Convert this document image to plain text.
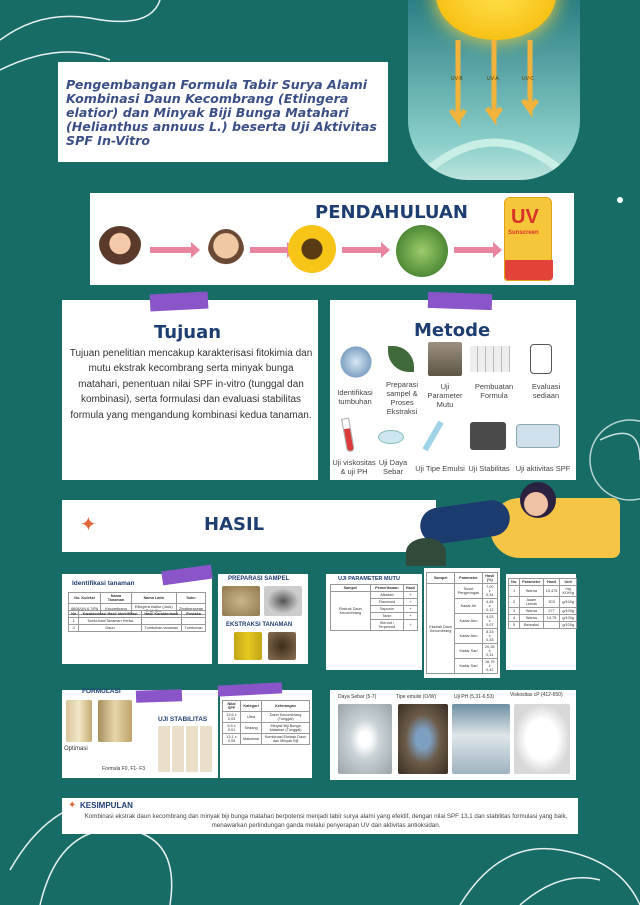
Pengembangan Formula Tabir Surya Alami Kombinasi Daun Kecombrang (Etlingera elatior) dan Minyak Biji Bunga Matahari (Helianthus annuus L.) beserta Uji Aktivitas SPF In-Vitro
UV-B	UV-A	UV-C
PENDAHULUAN UV
Sunscreen
Tujuan
Tujuan penelitian mencakup karakterisasi fitokimia dan mutu ekstrak kecombrang serta minyak bunga matahari, penentuan nilai SPF in-vitro (tunggal dan kombinasi), serta formulasi dan evaluasi stabilitas formula yang mengandung kombinasi kedua tanaman.
Metode
Identifikasi tumbuhan
Preparasi sampel & Proses Ekstraksi
Uji Parameter Mutu
Pembuatan Formula
Evaluasi sediaan
Uji viskositas & uji PH
Uji Daya Sebar	Uji Tipe Emulsi Uji Stabilitas Uji aktivitas SPF
✦	HASIL
Identifikasi tanaman
No. Koleksi	Nama Tanaman	Nama Latin	Suku
8608/UN.6.7/PA	Kecombrang	Etlingera elatior (Jack) R.M. Sm.	Zingiberaceae
No	Karakterisasi Hasil Identifikasi	Hasil Karakterisasi	Pustaka
1	Tumbuhan/Tanaman Herba		
2	Daun	Tumbuhan tanaman	Tumbuhan
PREPARASI SAMPEL
EKSTRAKSI TANAMAN
UJI PARAMETER MUTU
Sampel	Pemeriksaan	Hasil
Ekstrak Daun Kecombrang	Alkaloid	+
	Flavonoid	+
	Saponin	+
	Tanin	+
	Steroid / Terpenoid	+
Sampel	Parameter	Hasil (%)
Ekstrak Daun Kecombrang	Susut Pengeringan	7,00 ± 0,34
	Kadar Air	4,45 ± 0,12
	Kadar Abu	4,03 ± 0,07
	Kadar Abu	8,33 ± 0,33
	Kadar Sari	20,25 ± 0,31
	Kadar Sari	16,79 ± 0,42
No.	Parameter	Hasil	Unit
1	Warna	10,475	mg KOH/g
2	Asam Lemak	303	g/100g
3	Warna	277	g/100g
4	Warna	14,75	g/100g
5	Bereaksi		g/100g
FORMULASI
Optimasi
Formula F0, F1- F3
UJI STABILITAS
Nilai SPF	Kategori	Keterangan
13,6 ± 0,03	Ultra	Daun Kecombrang (Tunggal)
5,5 ± 0,01	Sedang	Minyak Biji Bunga Matahari (Tunggal)
13,1 ± 0,05	Maksimal	Kombinasi Ekstrak Daun dan Minyak Biji
Daya Sebar (5-7)	Tipe emulsi (O/W)	Uji PH (5,31-6,53)	Viskositas cP (412-650)
✦ KESIMPULAN
Kombinasi ekstrak daun kecombrang dan minyak biji bunga matahari berpotensi menjadi tabir surya alami yang efektif, dengan nilai SPF 13,1 dan stabilitas formulasi yang baik, menawarkan perlindungan ganda melalui penyerapan UV dan aktivitas antioksidan.
